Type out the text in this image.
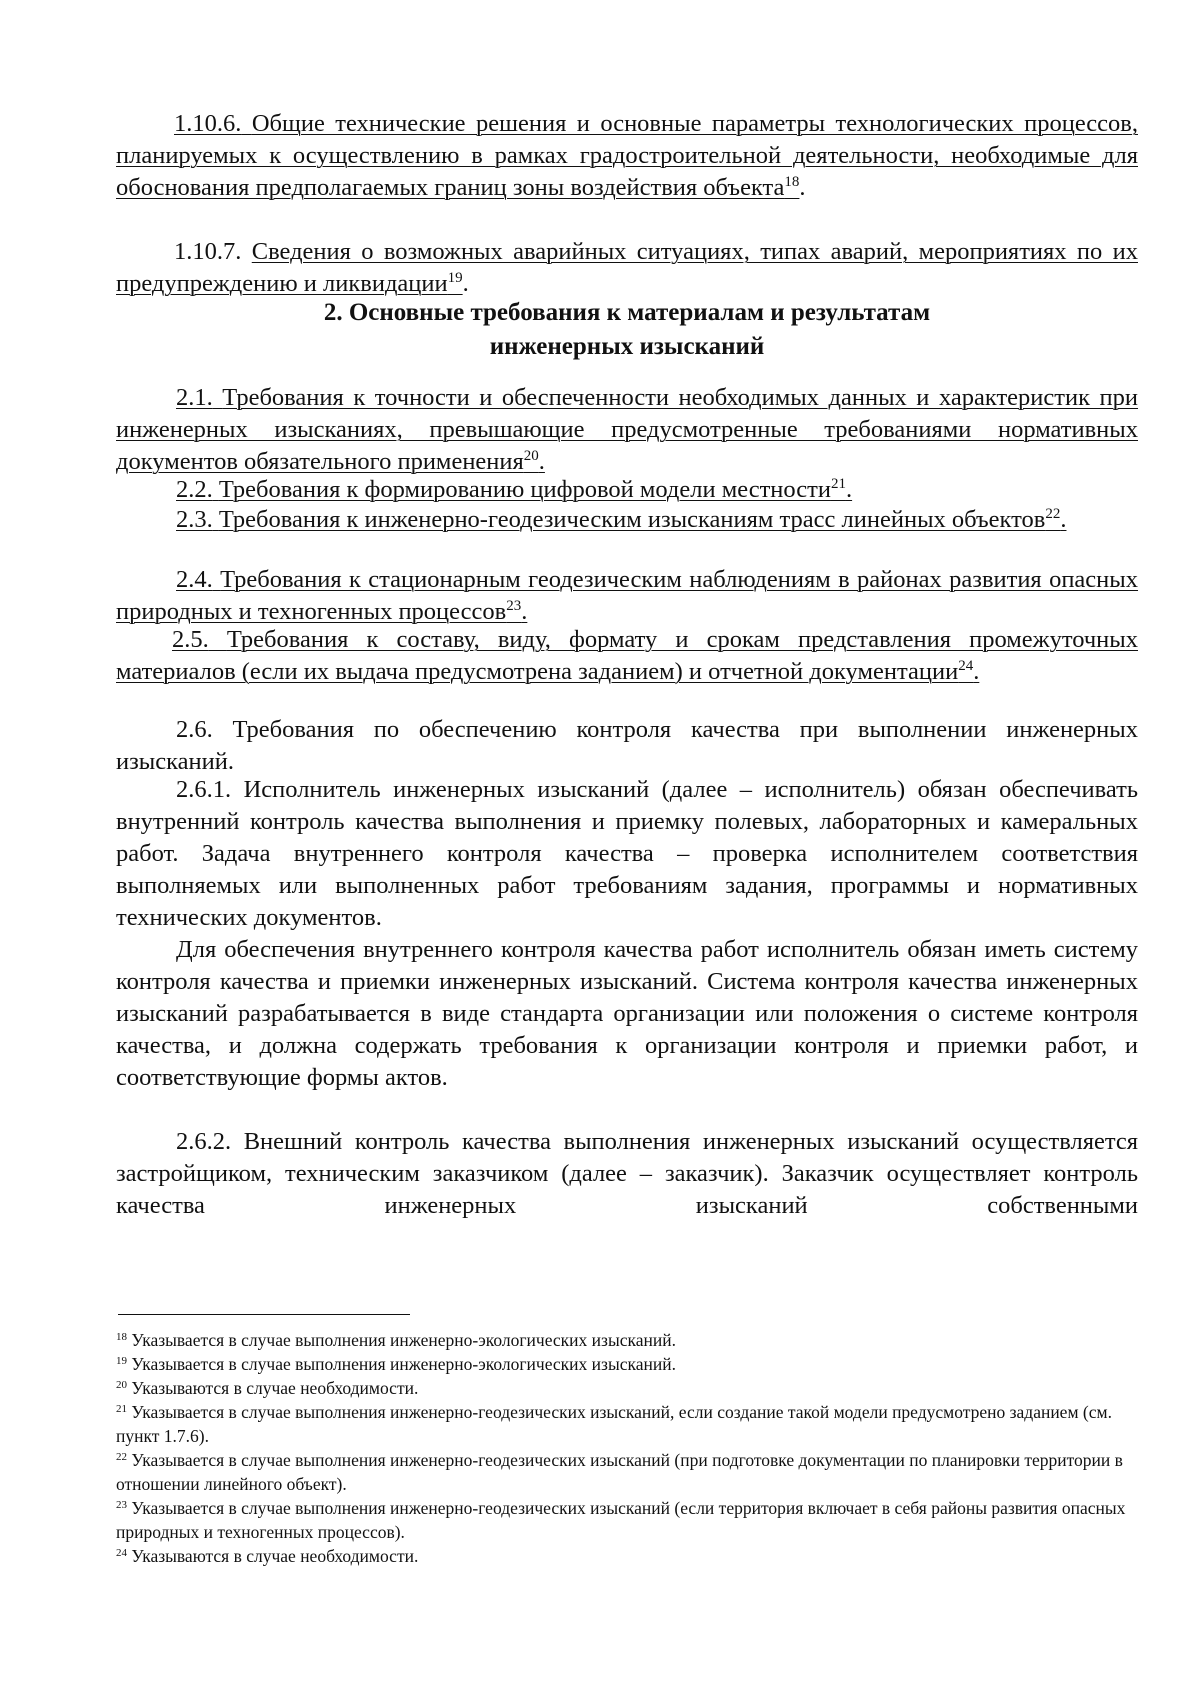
1.10.6. Общие технические решения и основные параметры технологических процессов, планируемых к осуществлению в рамках градостроительной деятельности, необходимые для обоснования предполагаемых границ зоны воздействия объекта$^{18}$.

1.10.7. Сведения о возможных аварийных ситуациях, типах аварий, мероприятиях по их предупреждению и ликвидации$^{19}$.

2. Основные требования к материалам и результатам
инженерных изысканий

2.1. Требования к точности и обеспеченности необходимых данных и характеристик при инженерных изысканиях, превышающие предусмотренные требованиями нормативных документов обязательного применения$^{20}$.

2.2. Требования к формированию цифровой модели местности$^{21}$.

2.3. Требования к инженерно-геодезическим изысканиям трасс линейных объектов$^{22}$.

2.4. Требования к стационарным геодезическим наблюдениям в районах развития опасных природных и техногенных процессов$^{23}$.

2.5. Требования к составу, виду, формату и срокам представления промежуточных материалов (если их выдача предусмотрена заданием) и отчетной документации$^{24}$.

2.6. Требования по обеспечению контроля качества при выполнении инженерных изысканий.

2.6.1. Исполнитель инженерных изысканий (далее – исполнитель) обязан обеспечивать внутренний контроль качества выполнения и приемку полевых, лабораторных и камеральных работ. Задача внутреннего контроля качества – проверка исполнителем соответствия выполняемых или выполненных работ требованиям задания, программы и нормативных технических документов.

Для обеспечения внутреннего контроля качества работ исполнитель обязан иметь систему контроля качества и приемки инженерных изысканий. Система контроля качества инженерных изысканий разрабатывается в виде стандарта организации или положения о системе контроля качества, и должна содержать требования к организации контроля и приемки работ, и соответствующие формы актов.

2.6.2. Внешний контроль качества выполнения инженерных изысканий осуществляется застройщиком, техническим заказчиком (далее – заказчик). Заказчик осуществляет контроль качества инженерных изысканий собственными

$^{18}$ Указывается в случае выполнения инженерно-экологических изысканий.

$^{19}$ Указывается в случае выполнения инженерно-экологических изысканий.

$^{20}$ Указываются в случае необходимости.

$^{21}$ Указывается в случае выполнения инженерно-геодезических изысканий, если создание такой модели предусмотрено заданием (см. пункт 1.7.6).

$^{22}$ Указывается в случае выполнения инженерно-геодезических изысканий (при подготовке документации по планировки территории в отношении линейного объект).

$^{23}$ Указывается в случае выполнения инженерно-геодезических изысканий (если территория включает в себя районы развития опасных природных и техногенных процессов).

$^{24}$ Указываются в случае необходимости.
